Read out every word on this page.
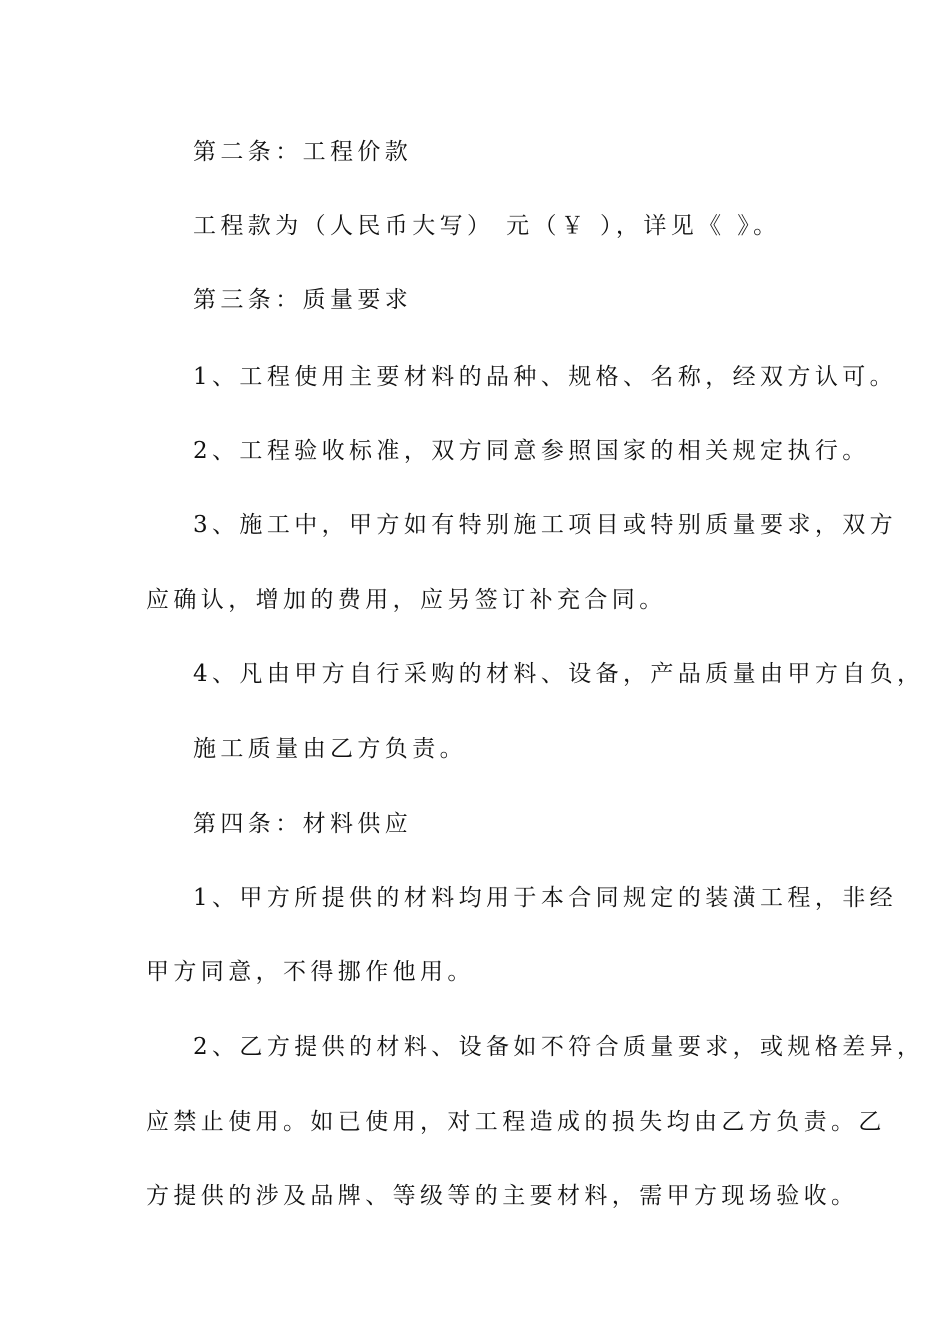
第二条：工程价款
工程款为（人民币大写） 元（￥ ），详见《 》。
第三条：质量要求
1、工程使用主要材料的品种、规格、名称，经双方认可。
2、工程验收标准，双方同意参照国家的相关规定执行。
3、施工中，甲方如有特别施工项目或特别质量要求，双方
应确认，增加的费用，应另签订补充合同。
4、凡由甲方自行采购的材料、设备，产品质量由甲方自负，
施工质量由乙方负责。
第四条：材料供应
1、甲方所提供的材料均用于本合同规定的装潢工程，非经
甲方同意，不得挪作他用。
2、乙方提供的材料、设备如不符合质量要求，或规格差异，
应禁止使用。如已使用，对工程造成的损失均由乙方负责。乙
方提供的涉及品牌、等级等的主要材料，需甲方现场验收。
